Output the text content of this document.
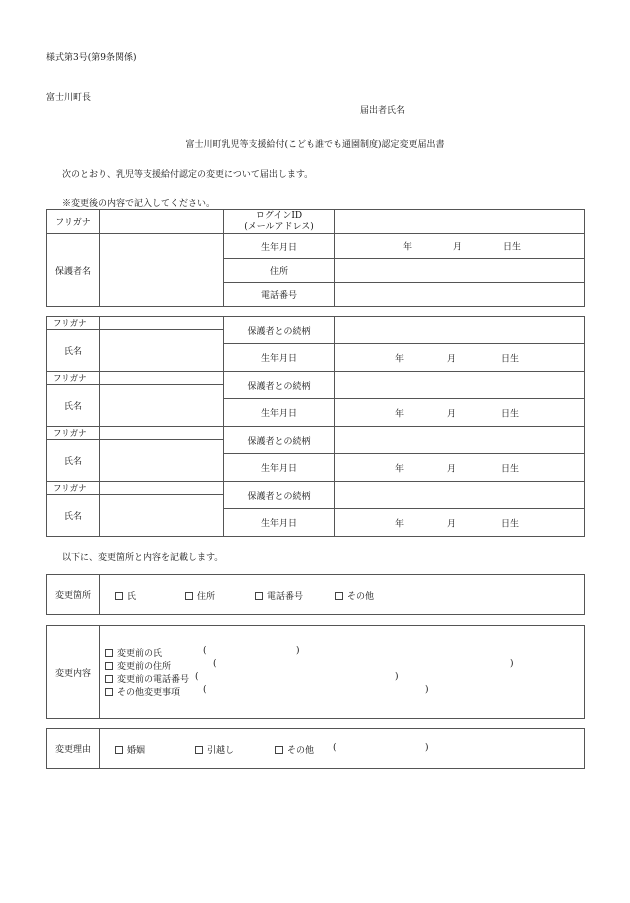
様式第3号(第9条関係)
富士川町長
届出者氏名
富士川町乳児等支援給付(こども誰でも通園制度)認定変更届出書
次のとおり、乳児等支援給付認定の変更について届出します。
※変更後の内容で記入してください。
フリガナ		ログインID
(メールアドレス)	

保護者名		生年月日	年 月 日生

		住所	
		電話番号	
フリガナ		保護者との続柄	
氏名			
		生年月日	年 月 日生

フリガナ		保護者との続柄	
氏名			
		生年月日	年 月 日生

フリガナ		保護者との続柄	
氏名			
		生年月日	年 月 日生

フリガナ		保護者との続柄	
氏名			
		生年月日	年 月 日生
以下に、変更箇所と内容を記載します。
変更箇所	氏	住所	電話番号	その他
変更内容
変更前の氏	(	)
変更前の住所	(	)
変更前の電話番号 (	)
その他変更事項	(	)
変更理由	婚姻	引越し	その他 (	)
